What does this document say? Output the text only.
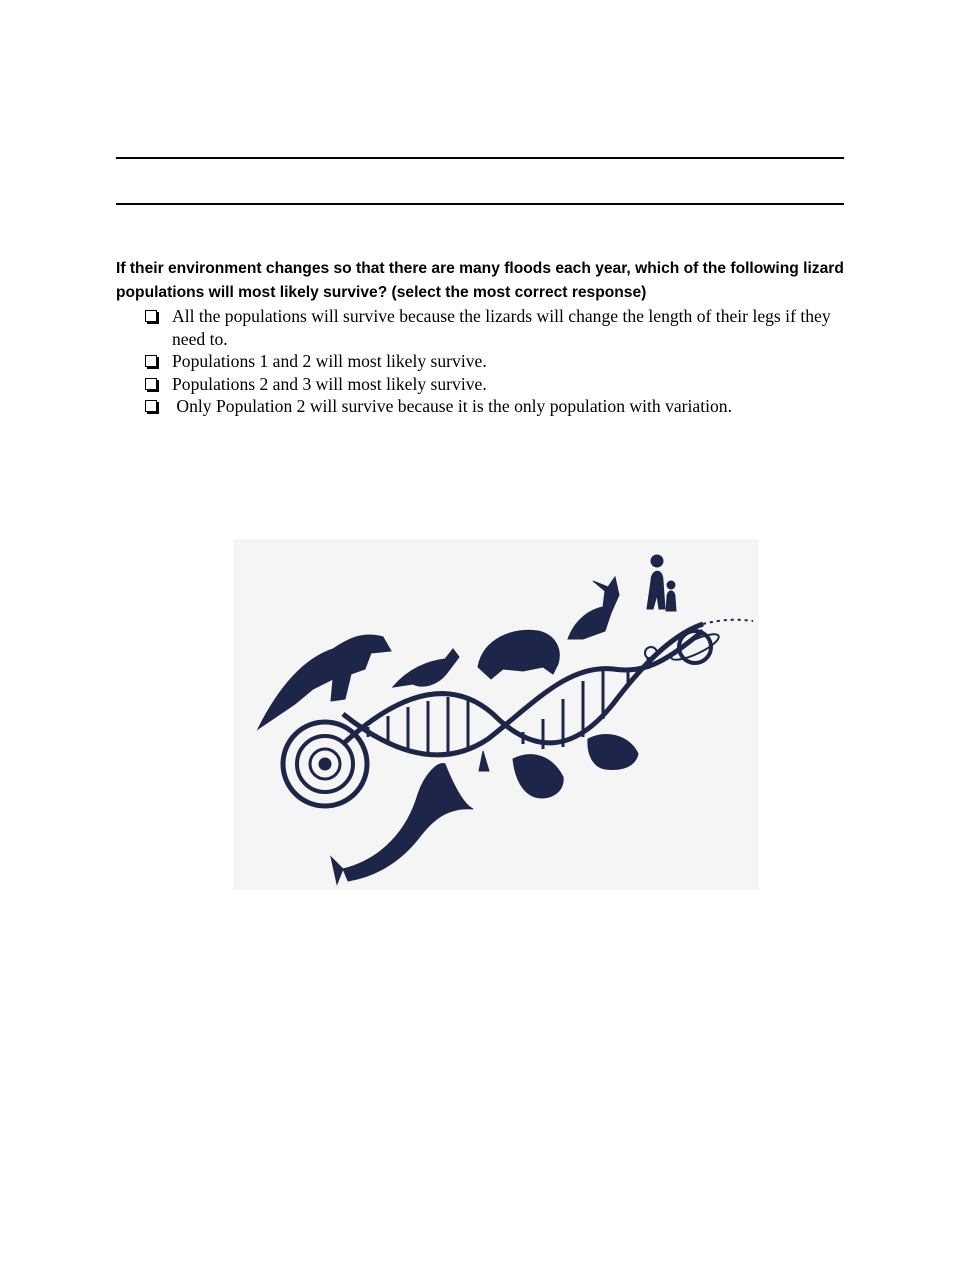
If their environment changes so that there are many floods each year, which of the following lizard populations will most likely survive? (select the most correct response)
All the populations will survive because the lizards will change the length of their legs if they need to.
Populations 1 and 2 will most likely survive.
Populations 2 and 3 will most likely survive.
Only Population 2 will survive because it is the only population with variation.
